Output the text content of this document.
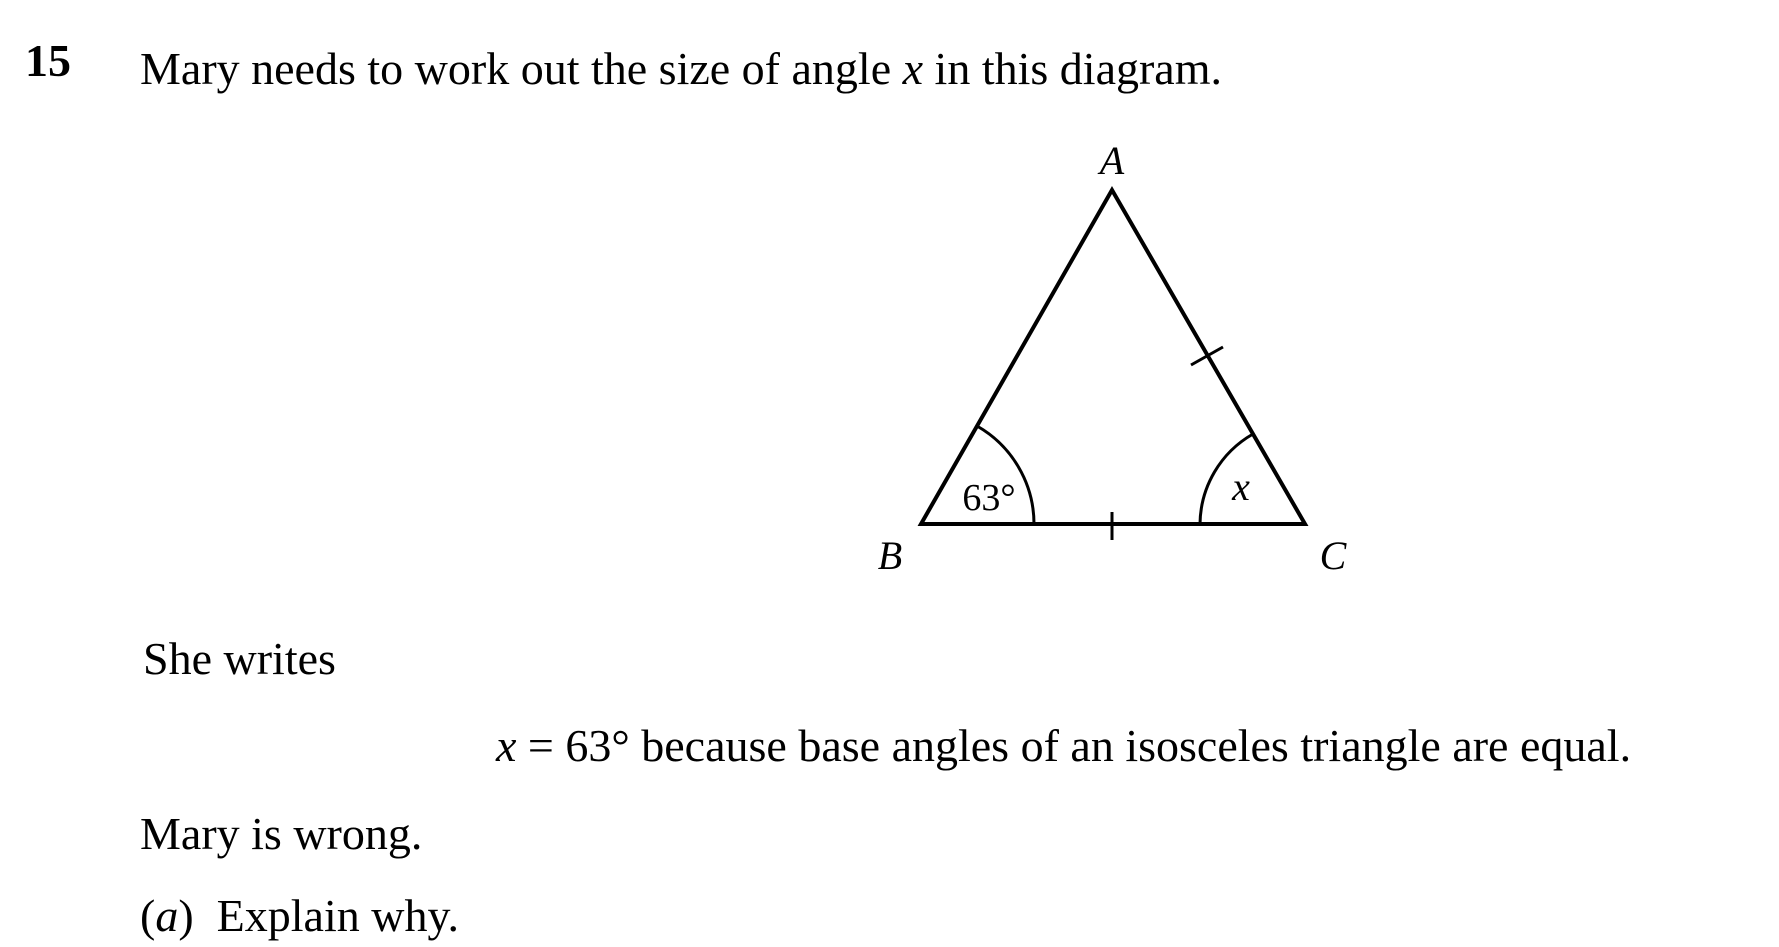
15 Mary needs to work out the size of angle x in this diagram.
A
B	C
63°	x
She writes
x = 63° because base angles of an isosceles triangle are equal.
Mary is wrong.
(a) Explain why.
